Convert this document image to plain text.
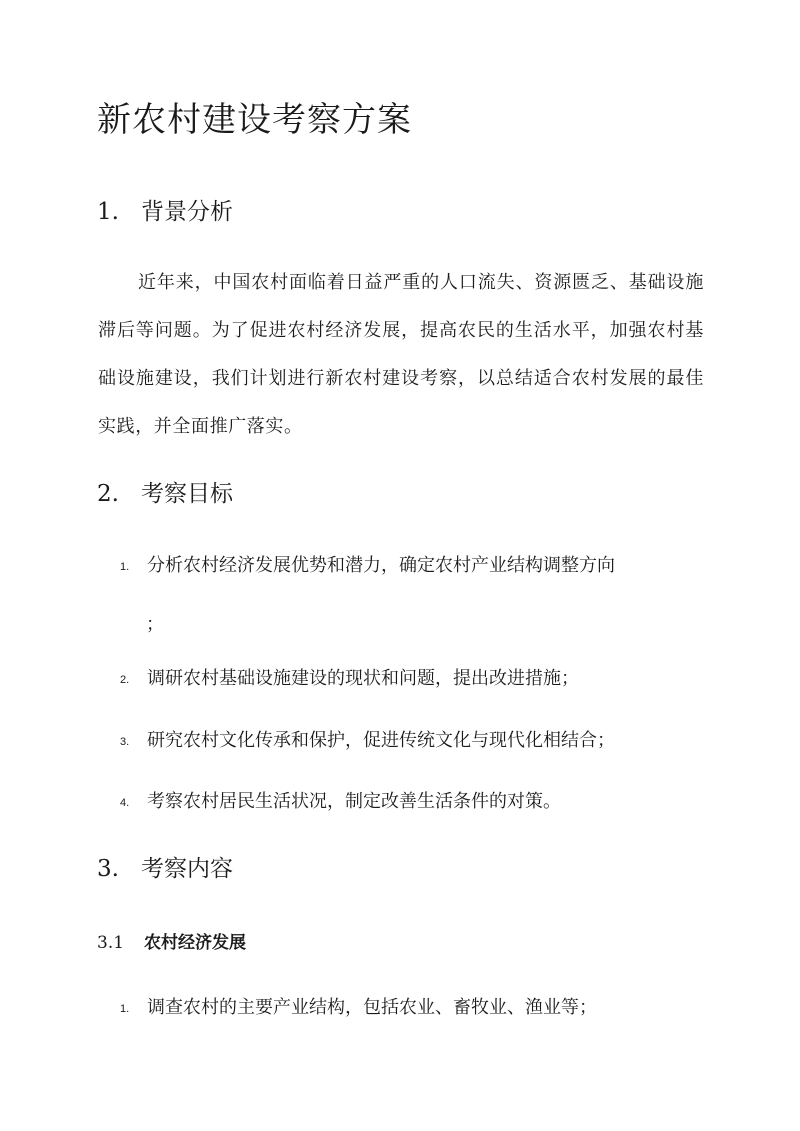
新农村建设考察方案
1. 背景分析

近年来，中国农村面临着日益严重的人口流失、资源匮乏、基础设施滞后等问题。为了促进农村经济发展，提高农民的生活水平，加强农村基础设施建设，我们计划进行新农村建设考察，以总结适合农村发展的最佳实践，并全面推广落实。

2. 考察目标
1. 分析农村经济发展优势和潜力，确定农村产业结构调整方向
；
2. 调研农村基础设施建设的现状和问题，提出改进措施；
3. 研究农村文化传承和保护，促进传统文化与现代化相结合；
4. 考察农村居民生活状况，制定改善生活条件的对策。
3. 考察内容
3.1 农村经济发展
1. 调查农村的主要产业结构，包括农业、畜牧业、渔业等；
